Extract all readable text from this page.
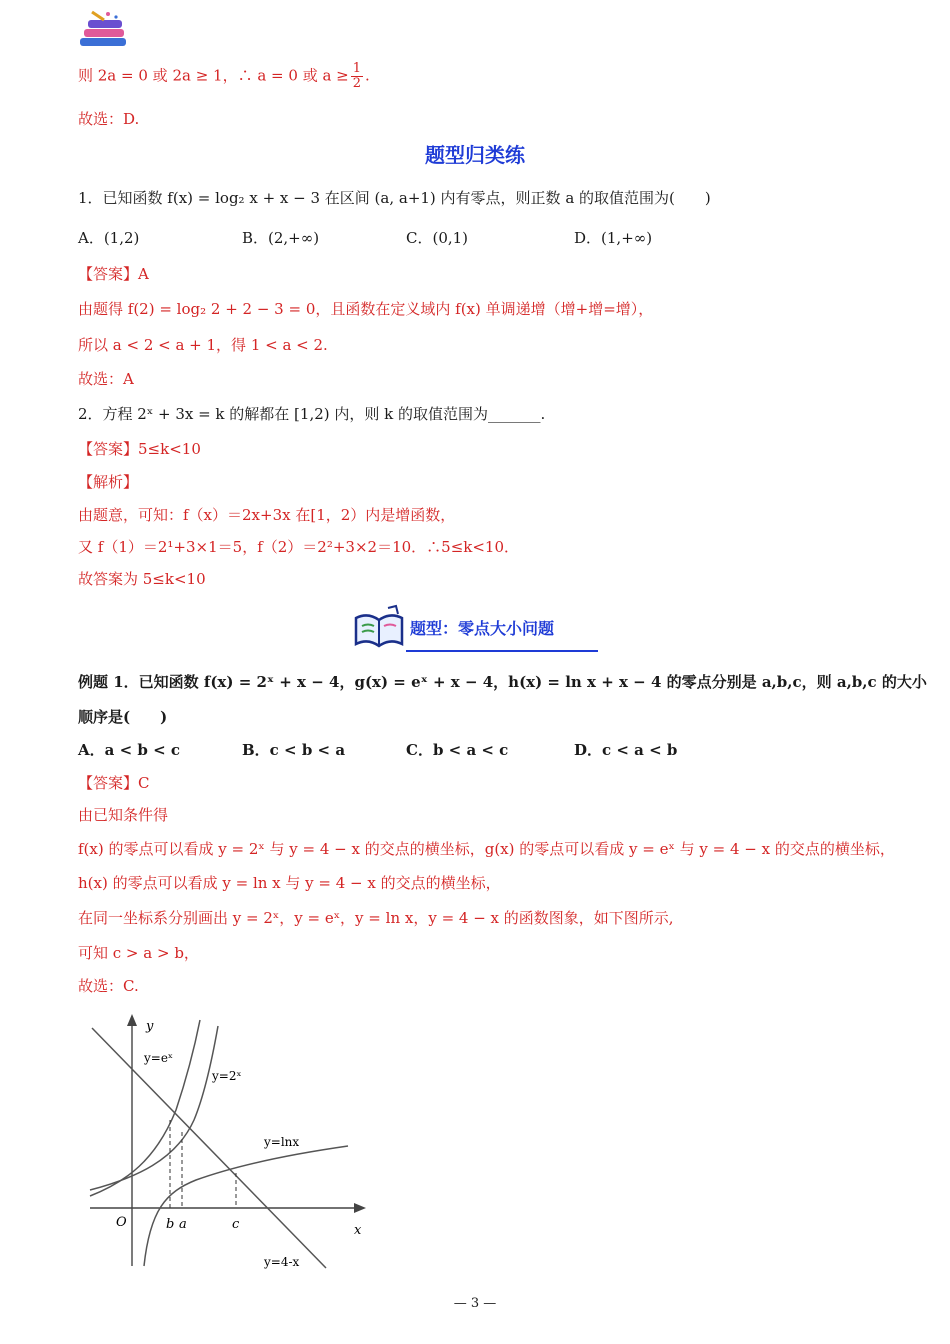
则 2a = 0 或 2a ≥ 1，∴ a = 0 或 $a \ge \frac{1}{2}$ .
故选：D.
题型归类练
1．已知函数 f(x) = log₂ x + x − 3 在区间 (a, a+1) 内有零点，则正数 a 的取值范围为(　　)
A．(1,2)	B．(2,+∞)	C．(0,1)	D．(1,+∞)
【答案】A
由题得 f(2) = log₂ 2 + 2 − 3 = 0，且函数在定义域内 f(x) 单调递增（增+增=增），
所以 a < 2 < a + 1，得 1 < a < 2.
故选：A
2．方程 2ˣ + 3x = k 的解都在 [1,2) 内，则 k 的取值范围为_______.
【答案】5≤k<10
【解析】
由题意，可知：f（x）＝2x+3x 在[1，2）内是增函数，
又 f（1）＝2¹+3×1＝5，f（2）＝2²+3×2＝10．∴5≤k<10．
故答案为 5≤k<10
题型：零点大小问题
例题 1．已知函数 f(x) = 2ˣ + x − 4，g(x) = eˣ + x − 4，h(x) = ln x + x − 4 的零点分别是 a,b,c，则 a,b,c 的大小
顺序是(　　)
A．a < b < c	B．c < b < a	C．b < a < c	D．c < a < b
【答案】C
由已知条件得
f(x) 的零点可以看成 y = 2ˣ 与 y = 4 − x 的交点的横坐标，g(x) 的零点可以看成 y = eˣ 与 y = 4 − x 的交点的横坐标，
h(x) 的零点可以看成 y = ln x 与 y = 4 − x 的交点的横坐标，
在同一坐标系分别画出 y = 2ˣ，y = eˣ，y = ln x，y = 4 − x 的函数图象，如下图所示,
可知 c > a > b，
故选：C.
y
x
O
y=eˣ
y=2ˣ
y=lnx
y=4-x
b a	c
— 3 —
